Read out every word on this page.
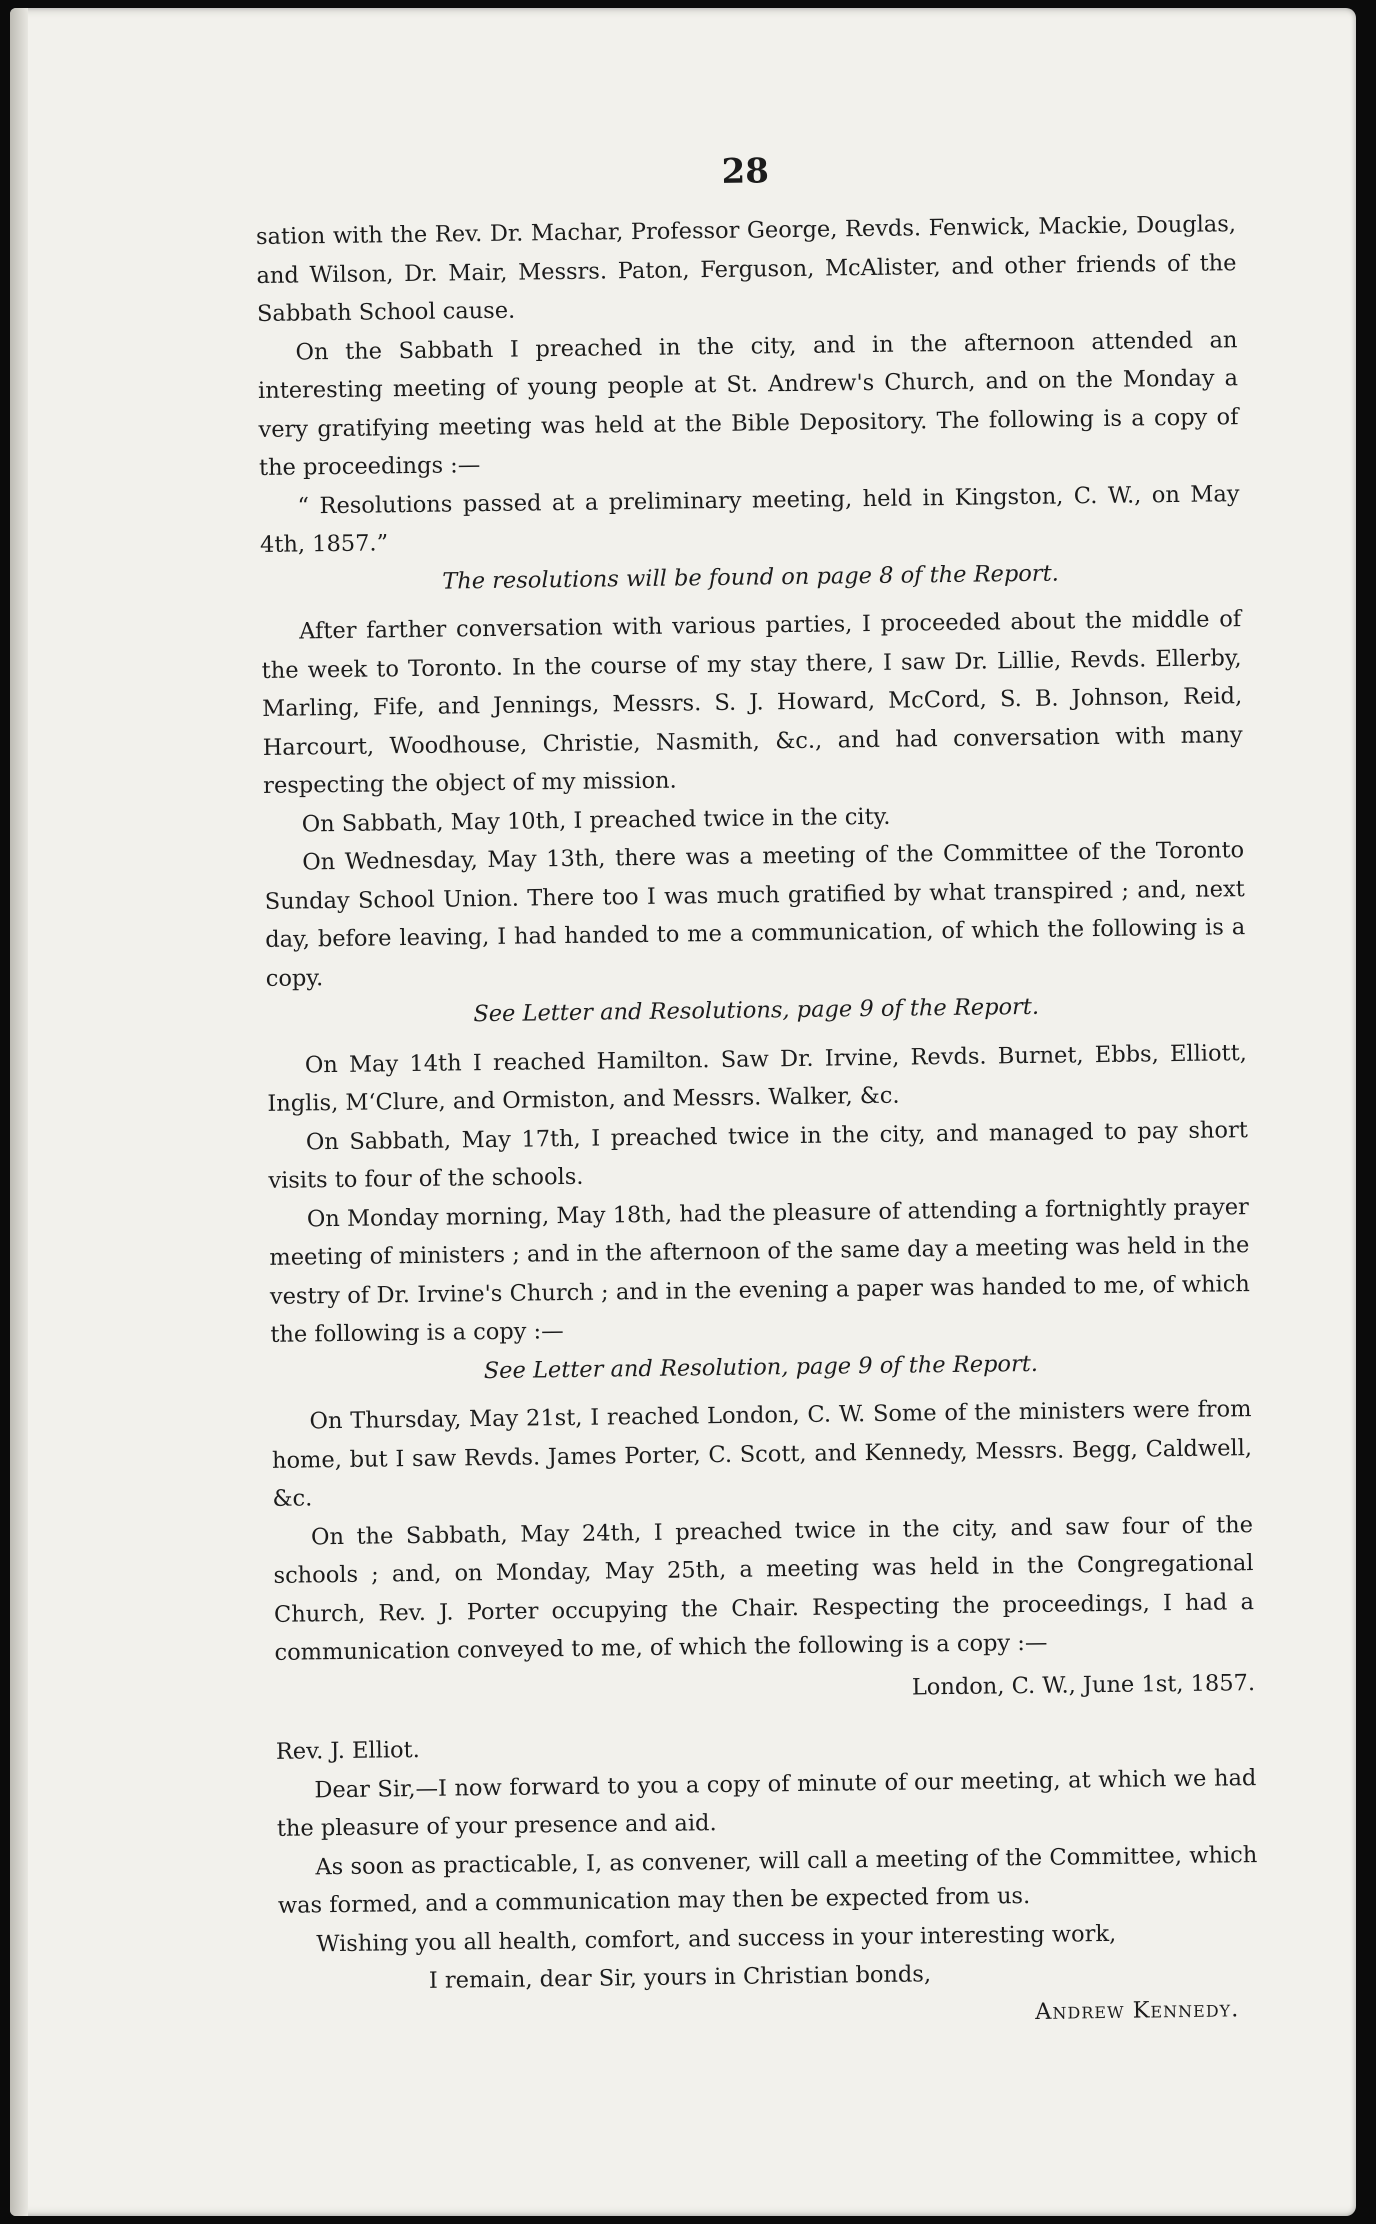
28

sation with the Rev. Dr. Machar, Professor George, Revds. Fenwick, Mackie, Douglas, and Wilson, Dr. Mair, Messrs. Paton, Ferguson, McAlister, and other friends of the Sabbath School cause.

On the Sabbath I preached in the city, and in the afternoon attended an interesting meeting of young people at St. Andrew's Church, and on the Monday a very gratifying meeting was held at the Bible Depository. The following is a copy of the proceedings :—

“ Resolutions passed at a preliminary meeting, held in Kingston, C. W., on May 4th, 1857.”

The resolutions will be found on page 8 of the Report.

After farther conversation with various parties, I proceeded about the middle of the week to Toronto. In the course of my stay there, I saw Dr. Lillie, Revds. Ellerby, Marling, Fife, and Jennings, Messrs. S. J. Howard, McCord, S. B. Johnson, Reid, Harcourt, Woodhouse, Christie, Nasmith, &c., and had conversation with many respecting the object of my mission.

On Sabbath, May 10th, I preached twice in the city.

On Wednesday, May 13th, there was a meeting of the Committee of the Toronto Sunday School Union. There too I was much gratified by what transpired ; and, next day, before leaving, I had handed to me a communication, of which the following is a copy.

See Letter and Resolutions, page 9 of the Report.

On May 14th I reached Hamilton. Saw Dr. Irvine, Revds. Burnet, Ebbs, Elliott, Inglis, M‘Clure, and Ormiston, and Messrs. Walker, &c.

On Sabbath, May 17th, I preached twice in the city, and managed to pay short visits to four of the schools.

On Monday morning, May 18th, had the pleasure of attending a fortnightly prayer meeting of ministers ; and in the afternoon of the same day a meeting was held in the vestry of Dr. Irvine's Church ; and in the evening a paper was handed to me, of which the following is a copy :—

See Letter and Resolution, page 9 of the Report.

On Thursday, May 21st, I reached London, C. W. Some of the ministers were from home, but I saw Revds. James Porter, C. Scott, and Kennedy, Messrs. Begg, Caldwell, &c.

On the Sabbath, May 24th, I preached twice in the city, and saw four of the schools ; and, on Monday, May 25th, a meeting was held in the Congregational Church, Rev. J. Porter occupying the Chair. Respecting the proceedings, I had a communication conveyed to me, of which the following is a copy :—

London, C. W., June 1st, 1857.

Rev. J. Elliot.

Dear Sir,—I now forward to you a copy of minute of our meeting, at which we had the pleasure of your presence and aid.

As soon as practicable, I, as convener, will call a meeting of the Committee, which was formed, and a communication may then be expected from us.

Wishing you all health, comfort, and success in your interesting work,

I remain, dear Sir, yours in Christian bonds,

Andrew Kennedy.
